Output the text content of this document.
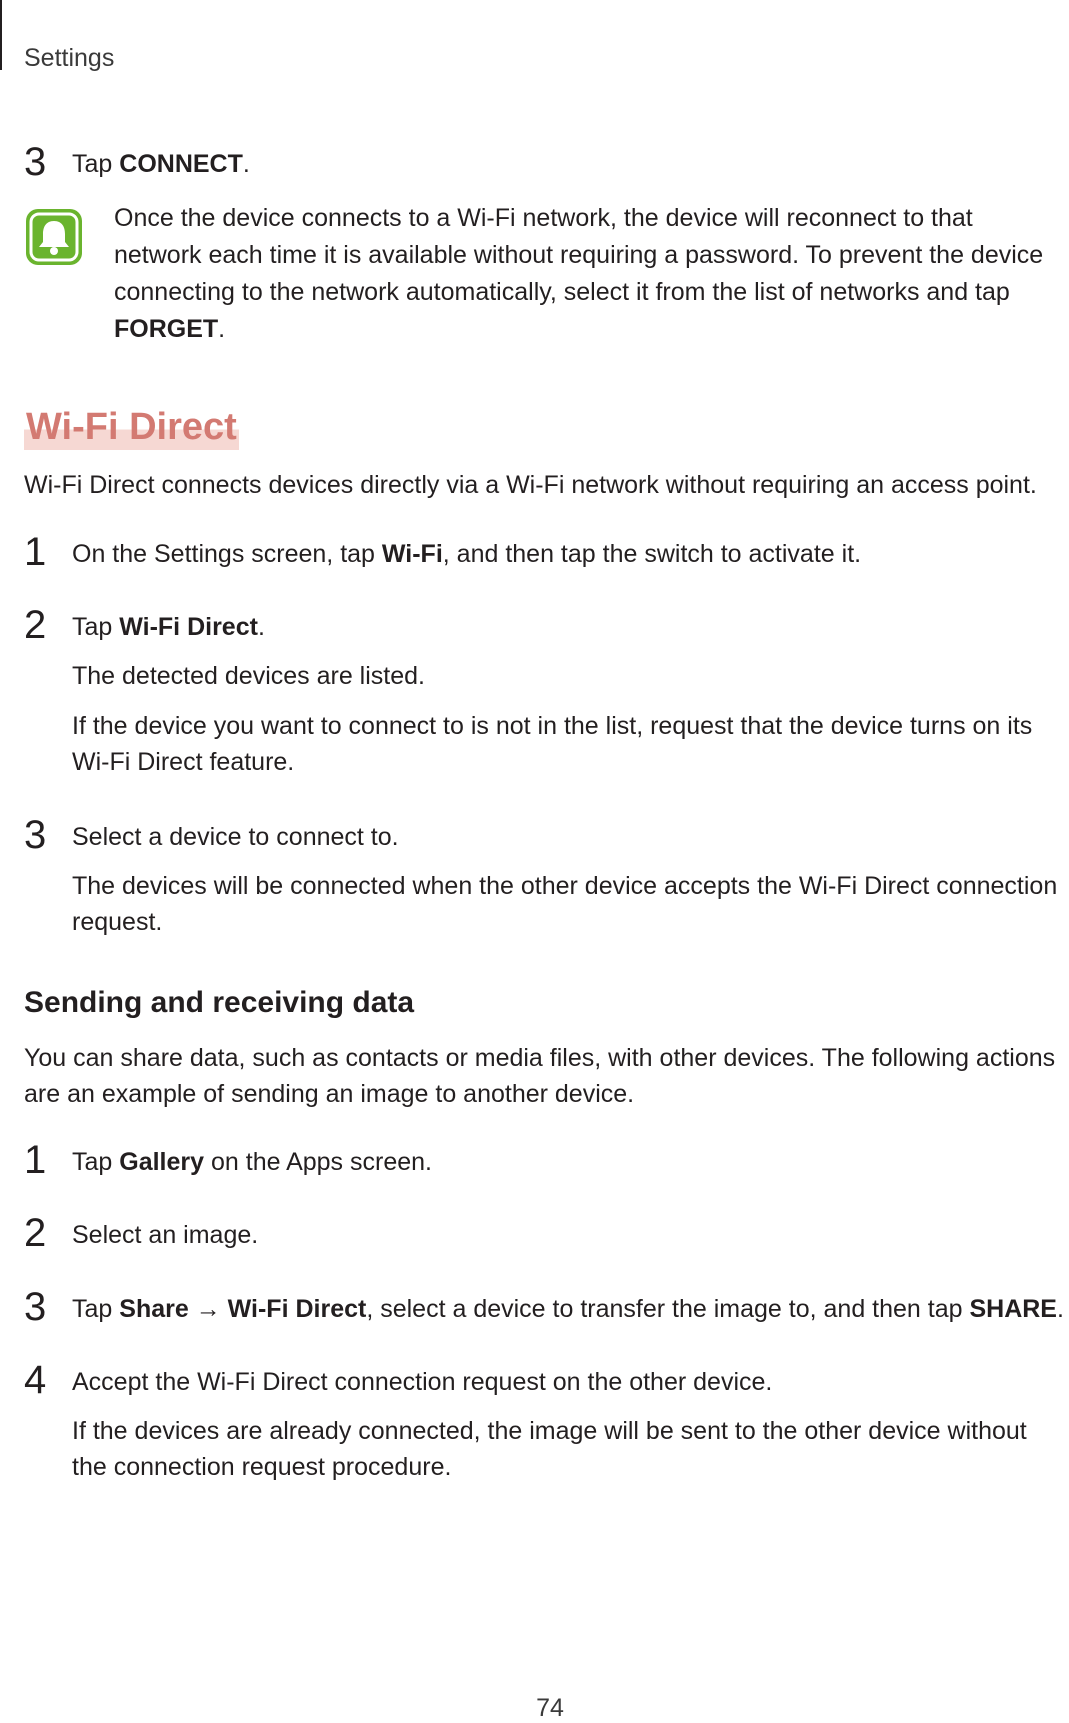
Settings
3 Tap CONNECT.
Once the device connects to a Wi-Fi network, the device will reconnect to that network each time it is available without requiring a password. To prevent the device connecting to the network automatically, select it from the list of networks and tap FORGET.
Wi-Fi Direct
Wi-Fi Direct connects devices directly via a Wi-Fi network without requiring an access point.
1 On the Settings screen, tap Wi-Fi, and then tap the switch to activate it.
2 Tap Wi-Fi Direct.
The detected devices are listed.
If the device you want to connect to is not in the list, request that the device turns on its Wi-Fi Direct feature.
3 Select a device to connect to.
The devices will be connected when the other device accepts the Wi-Fi Direct connection request.
Sending and receiving data
You can share data, such as contacts or media files, with other devices. The following actions are an example of sending an image to another device.
1 Tap Gallery on the Apps screen.
2 Select an image.
3 Tap Share → Wi-Fi Direct, select a device to transfer the image to, and then tap SHARE.
4 Accept the Wi-Fi Direct connection request on the other device.
If the devices are already connected, the image will be sent to the other device without the connection request procedure.
74
